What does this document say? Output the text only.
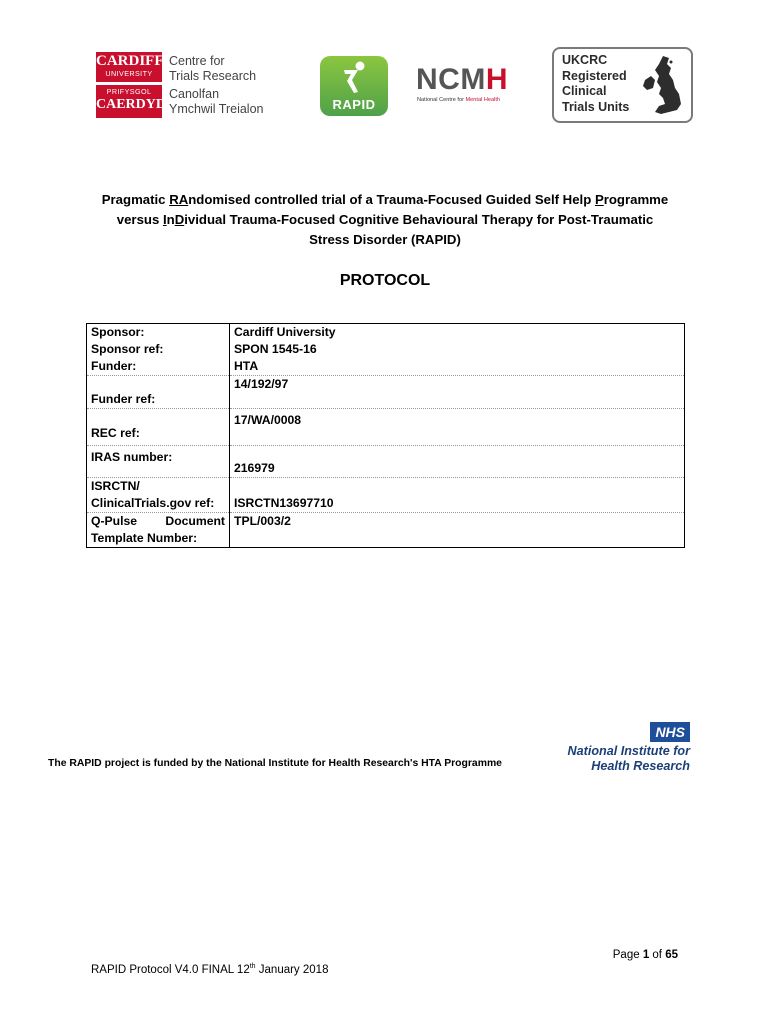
CARDIFF
UNIVERSITY
PRIFYSGOL
CAERDYDD
Centre for
Trials Research
Canolfan
Ymchwil Treialon	RAPID
NCMH
National Centre for Mental Health
UKCRC
Registered
Clinical
Trials Units
Pragmatic RAndomised controlled trial of a Trauma-Focused Guided Self Help Programme
versus InDividual Trauma-Focused Cognitive Behavioural Therapy for Post-Traumatic
Stress Disorder (RAPID)
PROTOCOL
Sponsor:	Cardiff University
Sponsor ref:	SPON 1545-16
Funder:	HTA
Funder ref:	14/192/97
REC ref:	17/WA/0008
IRAS number:	216979

ISRCTN/
ClinicalTrials.gov ref:	ISRCTN13697710

Q-Pulse Document
Template Number:	TPL/003/2
The RAPID project is funded by the National Institute for Health Research's HTA Programme
NHS
National Institute for
Health Research
Page 1 of 65
RAPID Protocol V4.0 FINAL 12th January 2018
